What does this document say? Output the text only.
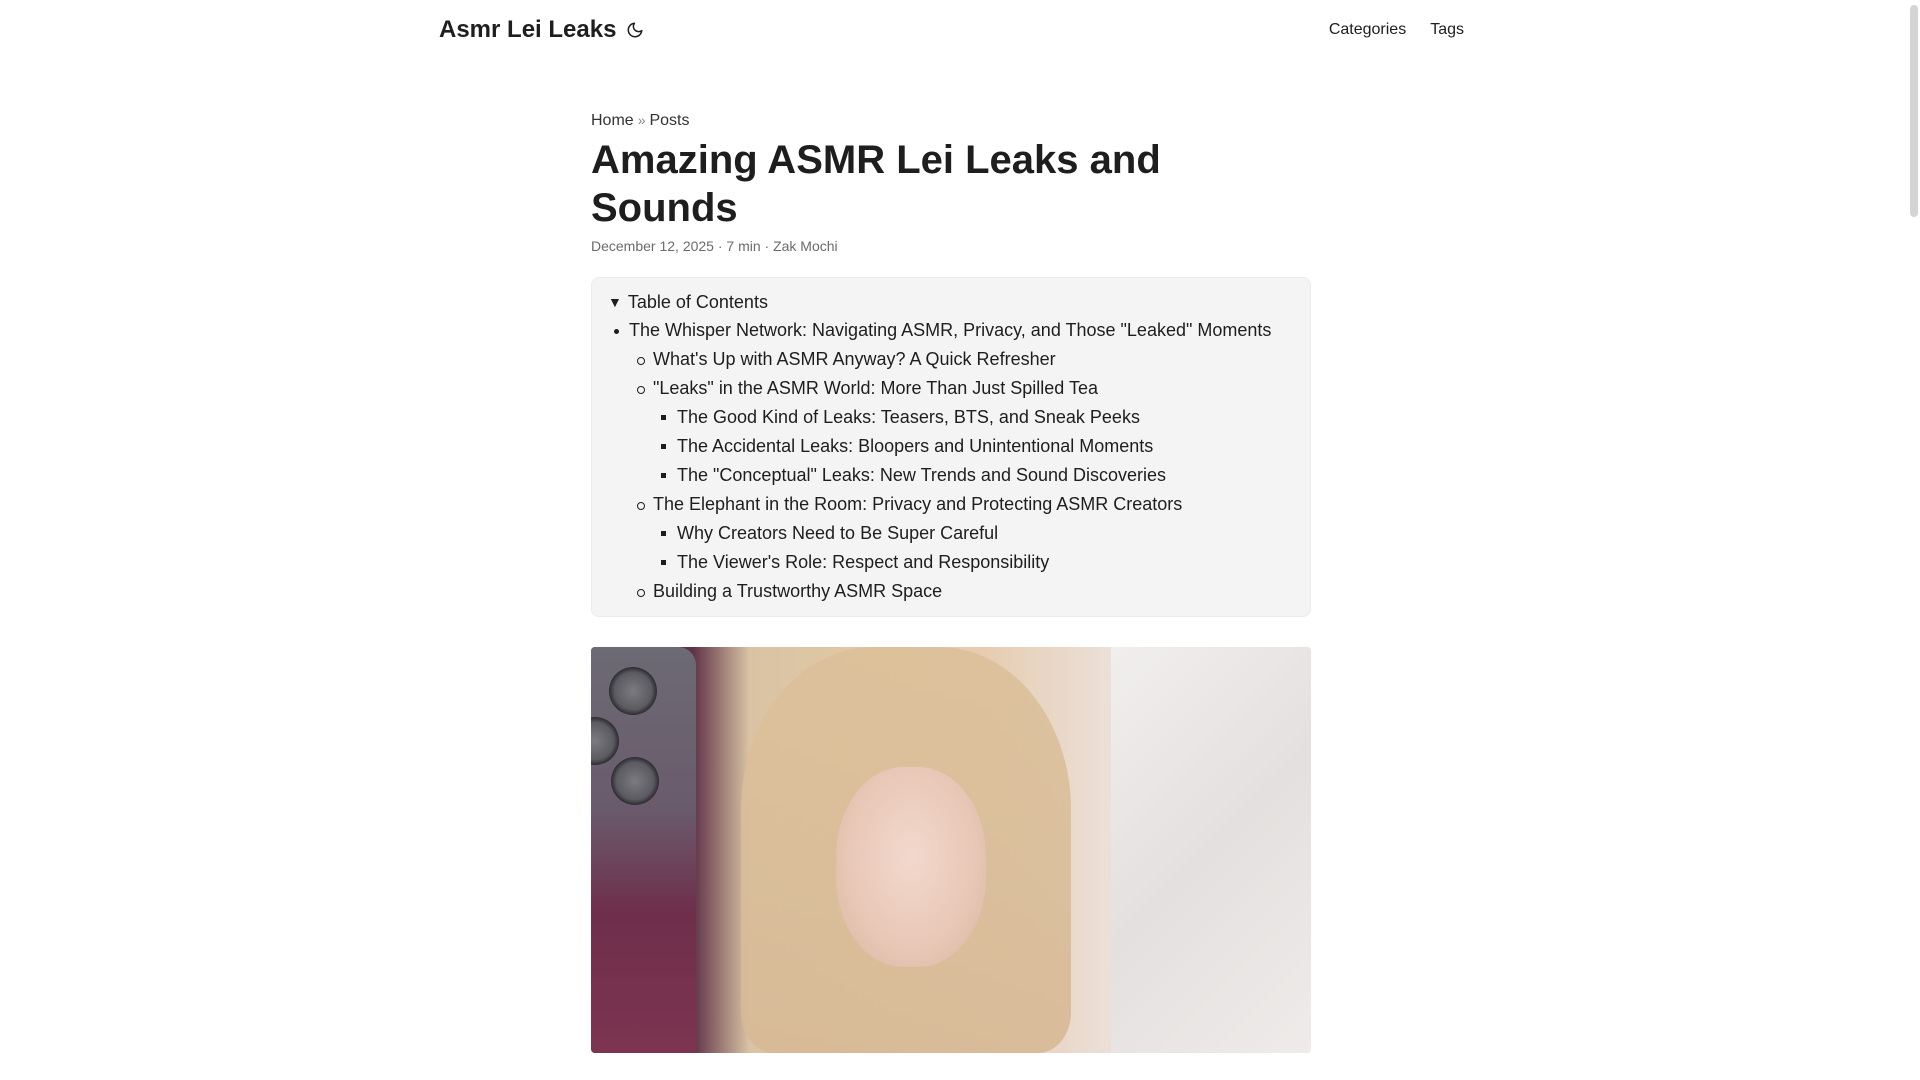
Asmr Lei Leaks	Categories Tags
Home » Posts
Amazing ASMR Lei Leaks and Sounds
December 12, 2025 · 7 min · Zak Mochi
▼ Table of Contents
The Whisper Network: Navigating ASMR, Privacy, and Those "Leaked" Moments
What's Up with ASMR Anyway? A Quick Refresher
"Leaks" in the ASMR World: More Than Just Spilled Tea
The Good Kind of Leaks: Teasers, BTS, and Sneak Peeks
The Accidental Leaks: Bloopers and Unintentional Moments
The "Conceptual" Leaks: New Trends and Sound Discoveries
The Elephant in the Room: Privacy and Protecting ASMR Creators
Why Creators Need to Be Super Careful
The Viewer's Role: Respect and Responsibility
Building a Trustworthy ASMR Space
